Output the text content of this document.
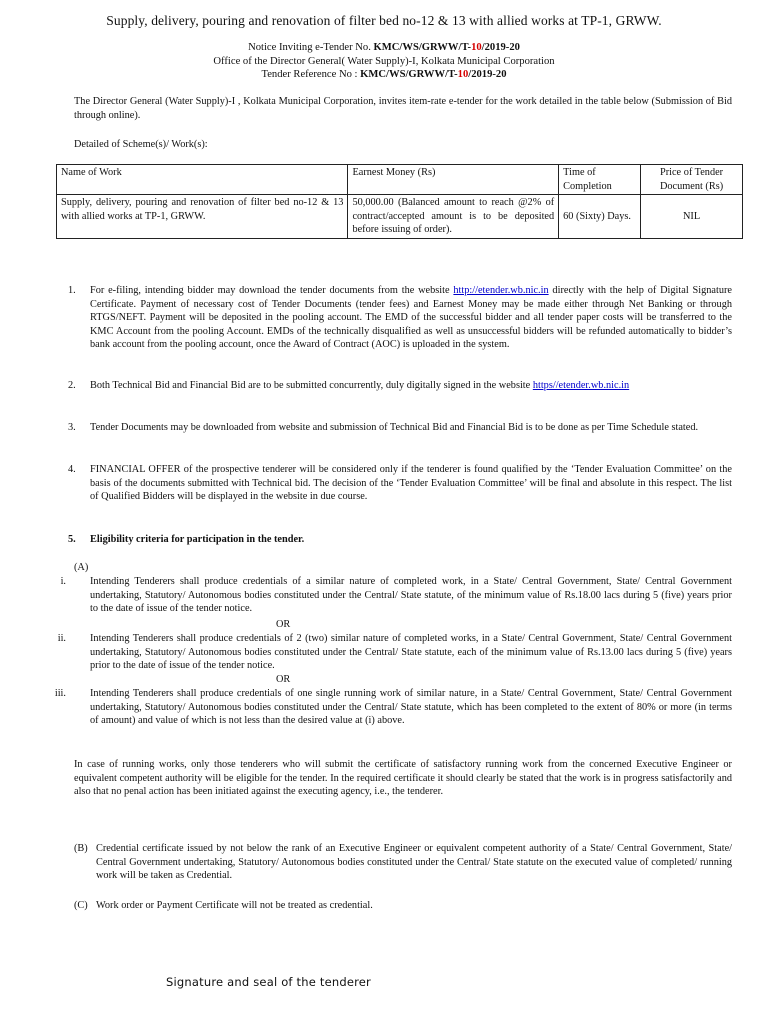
Supply, delivery, pouring and renovation of filter bed no-12 & 13 with allied works at TP-1, GRWW.
Notice Inviting e-Tender No. KMC/WS/GRWW/T-10/2019-20
Office of the Director General( Water Supply)-I, Kolkata Municipal Corporation
Tender Reference No : KMC/WS/GRWW/T-10/2019-20
The Director General (Water Supply)-I , Kolkata Municipal Corporation, invites item-rate e-tender for the work detailed in the table below (Submission of Bid through online).
Detailed of Scheme(s)/ Work(s):
Name of Work	Earnest Money (Rs)	Time of Completion	Price of Tender Document (Rs)
Supply, delivery, pouring and renovation of filter bed no-12 & 13 with allied works at TP-1, GRWW.	50,000.00 (Balanced amount to reach @2% of contract/accepted amount is to be deposited before issuing of order).	60 (Sixty) Days.	NIL
1. For e-filing, intending bidder may download the tender documents from the website http://etender.wb.nic.in directly with the help of Digital Signature Certificate. Payment of necessary cost of Tender Documents (tender fees) and Earnest Money may be made either through Net Banking or through RTGS/NEFT. Payment will be deposited in the pooling account. The EMD of the successful bidder and all tender paper costs will be transferred to the KMC Account from the pooling Account. EMDs of the technically disqualified as well as unsuccessful bidders will be refunded automatically to bidder’s bank account from the pooling account, once the Award of Contract (AOC) is uploaded in the system.
2. Both Technical Bid and Financial Bid are to be submitted concurrently, duly digitally signed in the website https//etender.wb.nic.in
3. Tender Documents may be downloaded from website and submission of Technical Bid and Financial Bid is to be done as per Time Schedule stated.
4. FINANCIAL OFFER of the prospective tenderer will be considered only if the tenderer is found qualified by the ‘Tender Evaluation Committee’ on the basis of the documents submitted with Technical bid. The decision of the ‘Tender Evaluation Committee’ will be final and absolute in this respect. The list of Qualified Bidders will be displayed in the website in due course.
5. Eligibility criteria for participation in the tender.
(A)
i. Intending Tenderers shall produce credentials of a similar nature of completed work, in a State/ Central Government, State/ Central Government undertaking, Statutory/ Autonomous bodies constituted under the Central/ State statute, of the minimum value of Rs.18.00 lacs during 5 (five) years prior to the date of issue of the tender notice.
OR
ii. Intending Tenderers shall produce credentials of 2 (two) similar nature of completed works, in a State/ Central Government, State/ Central Government undertaking, Statutory/ Autonomous bodies constituted under the Central/ State statute, each of the minimum value of Rs.13.00 lacs during 5 (five) years prior to the date of issue of the tender notice.
OR
iii. Intending Tenderers shall produce credentials of one single running work of similar nature, in a State/ Central Government, State/ Central Government undertaking, Statutory/ Autonomous bodies constituted under the Central/ State statute, which has been completed to the extent of 80% or more (in terms of amount) and value of which is not less than the desired value at (i) above.
In case of running works, only those tenderers who will submit the certificate of satisfactory running work from the concerned Executive Engineer or equivalent competent authority will be eligible for the tender. In the required certificate it should clearly be stated that the work is in progress satisfactorily and also that no penal action has been initiated against the executing agency, i.e., the tenderer.
(B) Credential certificate issued by not below the rank of an Executive Engineer or equivalent competent authority of a State/ Central Government, State/ Central Government undertaking, Statutory/ Autonomous bodies constituted under the Central/ State statute on the executed value of completed/ running work will be taken as Credential.
(C) Work order or Payment Certificate will not be treated as credential.
Signature and seal of the tenderer
